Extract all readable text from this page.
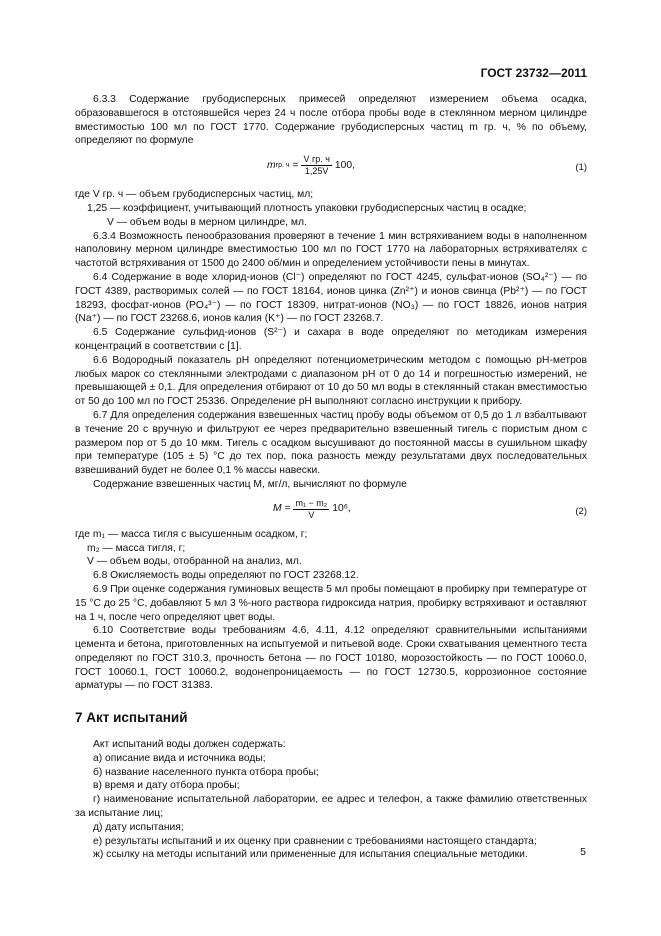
ГОСТ 23732—2011

6.3.3 Содержание грубодисперсных примесей определяют измерением объема осадка, образовавшегося в отстоявшейся через 24 ч после отбора пробы воде в стеклянном мерном цилиндре вместимостью 100 мл по ГОСТ 1770. Содержание грубодисперсных частиц m гр. ч, % по объему, определяют по формуле

m гр. $ч = \frac{\text{V гр. ч}}{1,25V} 100$,	(1)
где V гр. ч — объем грубодисперсных частиц, мл;
1,25 — коэффициент, учитывающий плотность упаковки грубодисперсных частиц в осадке;
V — объем воды в мерном цилиндре, мл.

6.3.4 Возможность пенообразования проверяют в течение 1 мин встряхиванием воды в наполненном наполовину мерном цилиндре вместимостью 100 мл по ГОСТ 1770 на лабораторных встряхивателях с частотой встряхивания от 1500 до 2400 об/мин и определением устойчивости пены в минутах.

6.4 Содержание в воде хлорид-ионов (Cl⁻) определяют по ГОСТ 4245, сульфат-ионов (SO₄²⁻) — по ГОСТ 4389, растворимых солей — по ГОСТ 18164, ионов цинка (Zn²⁺) и ионов свинца (Pb²⁺) — по ГОСТ 18293, фосфат-ионов (PO₄³⁻) — по ГОСТ 18309, нитрат-ионов (NO₃) — по ГОСТ 18826, ионов натрия (Na⁺) — по ГОСТ 23268.6, ионов калия (K⁺) — по ГОСТ 23268.7.

6.5 Содержание сульфид-ионов (S²⁻) и сахара в воде определяют по методикам измерения концентраций в соответствии с [1].

6.6 Водородный показатель pH определяют потенциометрическим методом с помощью pH-метров любых марок со стеклянными электродами с диапазоном pH от 0 до 14 и погрешностью измерений, не превышающей ± 0,1. Для определения отбирают от 10 до 50 мл воды в стеклянный стакан вместимостью от 50 до 100 мл по ГОСТ 25336. Определение pH выполняют согласно инструкции к прибору.

6.7 Для определения содержания взвешенных частиц пробу воды объемом от 0,5 до 1 л взбалтывают в течение 20 с вручную и фильтруют ее через предварительно взвешенный тигель с пористым дном с размером пор от 5 до 10 мкм. Тигель с осадком высушивают до постоянной массы в сушильном шкафу при температуре (105 ± 5) °С до тех пор, пока разность между результатами двух последовательных взвешиваний будет не более 0,1 % массы навески.

Содержание взвешенных частиц M, мг/л, вычисляют по формуле

$M = \frac{\text{m₁ − m₂}}{V} 10^6$,	(2)
где m₁ — масса тигля с высушенным осадком, г;
m₂ — масса тигля, г;
V — объем воды, отобранной на анализ, мл.

6.8 Окисляемость воды определяют по ГОСТ 23268.12.

6.9 При оценке содержания гуминовых веществ 5 мл пробы помещают в пробирку при температуре от 15 °С до 25 °С, добавляют 5 мл 3 %-ного раствора гидроксида натрия, пробирку встряхивают и оставляют на 1 ч, после чего определяют цвет воды.

6.10 Соответствие воды требованиям 4.6, 4.11, 4.12 определяют сравнительными испытаниями цемента и бетона, приготовленных на испытуемой и питьевой воде. Сроки схватывания цементного теста определяют по ГОСТ 310.3, прочность бетона — по ГОСТ 10180, морозостойкость — по ГОСТ 10060.0, ГОСТ 10060.1, ГОСТ 10060.2, водонепроницаемость — по ГОСТ 12730.5, коррозионное состояние арматуры — по ГОСТ 31383.

7 Акт испытаний

Акт испытаний воды должен содержать:

а) описание вида и источника воды;

б) название населенного пункта отбора пробы;

в) время и дату отбора пробы;

г) наименование испытательной лаборатории, ее адрес и телефон, а также фамилию ответственных за испытание лиц;

д) дату испытания;

е) результаты испытаний и их оценку при сравнении с требованиями настоящего стандарта;

ж) ссылку на методы испытаний или примененные для испытания специальные методики.	5
